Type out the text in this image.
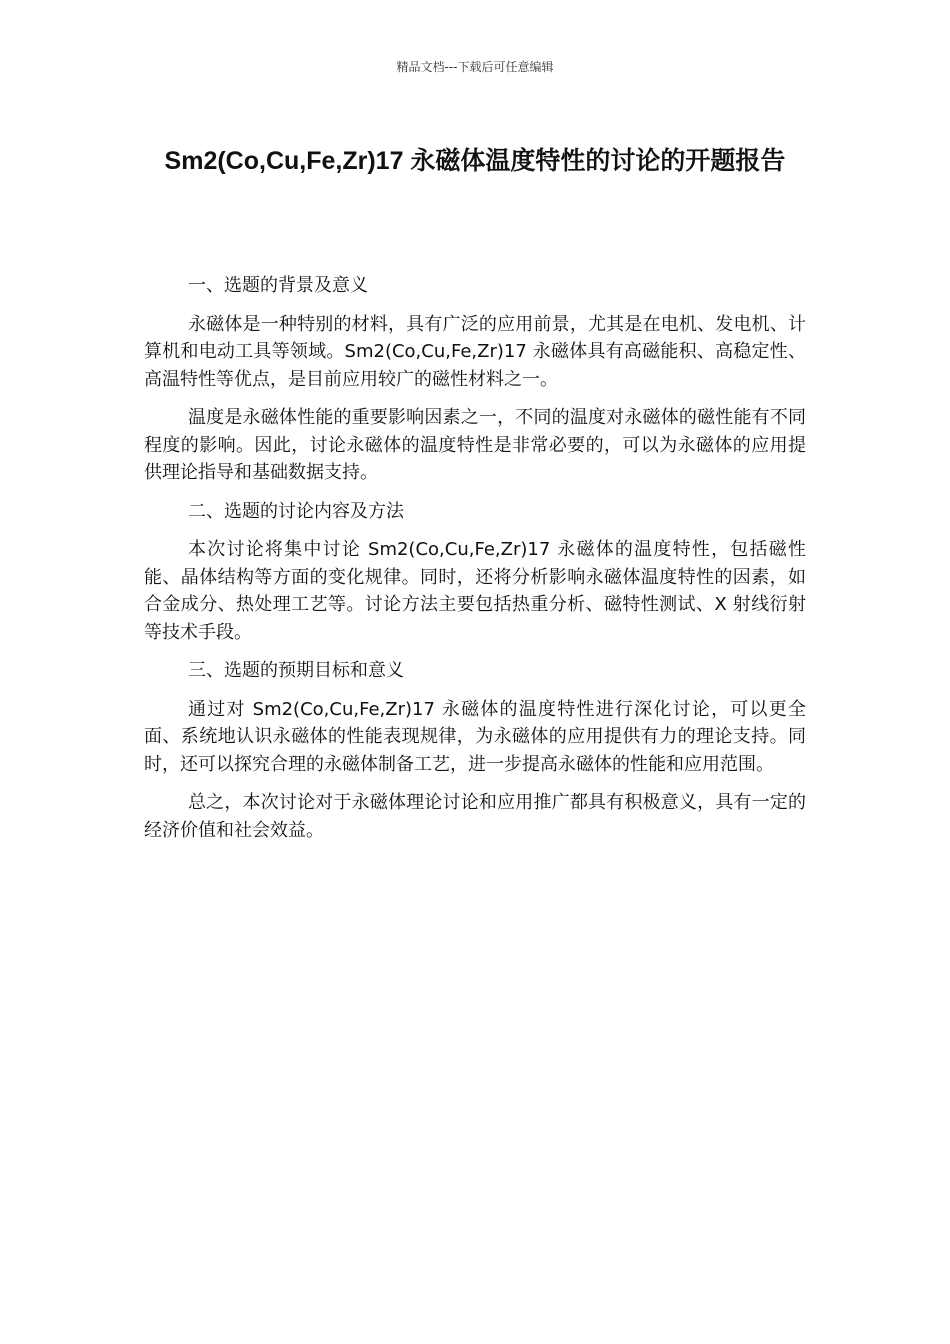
精品文档---下载后可任意编辑
Sm2(Co,Cu,Fe,Zr)17 永磁体温度特性的讨论的开题报告

一、选题的背景及意义

永磁体是一种特别的材料，具有广泛的应用前景，尤其是在电机、发电机、计算机和电动工具等领域。Sm2(Co,Cu,Fe,Zr)17 永磁体具有高磁能积、高稳定性、高温特性等优点，是目前应用较广的磁性材料之一。

温度是永磁体性能的重要影响因素之一，不同的温度对永磁体的磁性能有不同程度的影响。因此，讨论永磁体的温度特性是非常必要的，可以为永磁体的应用提供理论指导和基础数据支持。

二、选题的讨论内容及方法

本次讨论将集中讨论 Sm2(Co,Cu,Fe,Zr)17 永磁体的温度特性，包括磁性能、晶体结构等方面的变化规律。同时，还将分析影响永磁体温度特性的因素，如合金成分、热处理工艺等。讨论方法主要包括热重分析、磁特性测试、X 射线衍射等技术手段。

三、选题的预期目标和意义

通过对 Sm2(Co,Cu,Fe,Zr)17 永磁体的温度特性进行深化讨论，可以更全面、系统地认识永磁体的性能表现规律，为永磁体的应用提供有力的理论支持。同时，还可以探究合理的永磁体制备工艺，进一步提高永磁体的性能和应用范围。

总之，本次讨论对于永磁体理论讨论和应用推广都具有积极意义，具有一定的经济价值和社会效益。
